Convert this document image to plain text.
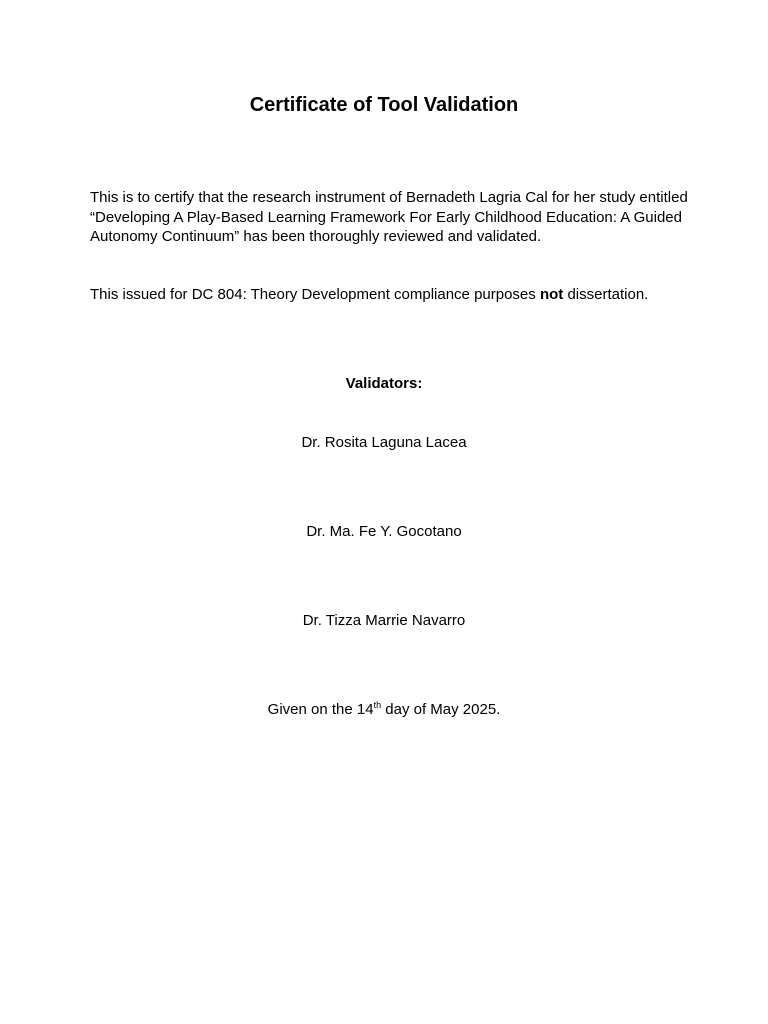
Certificate of Tool Validation
This is to certify that the research instrument of Bernadeth Lagria Cal for her study entitled “Developing A Play-Based Learning Framework For Early Childhood Education: A Guided Autonomy Continuum” has been thoroughly reviewed and validated.
This issued for DC 804: Theory Development compliance purposes not dissertation.
Validators:
Dr. Rosita Laguna Lacea
Dr. Ma. Fe Y. Gocotano
Dr. Tizza Marrie Navarro
Given on the 14th day of May 2025.
